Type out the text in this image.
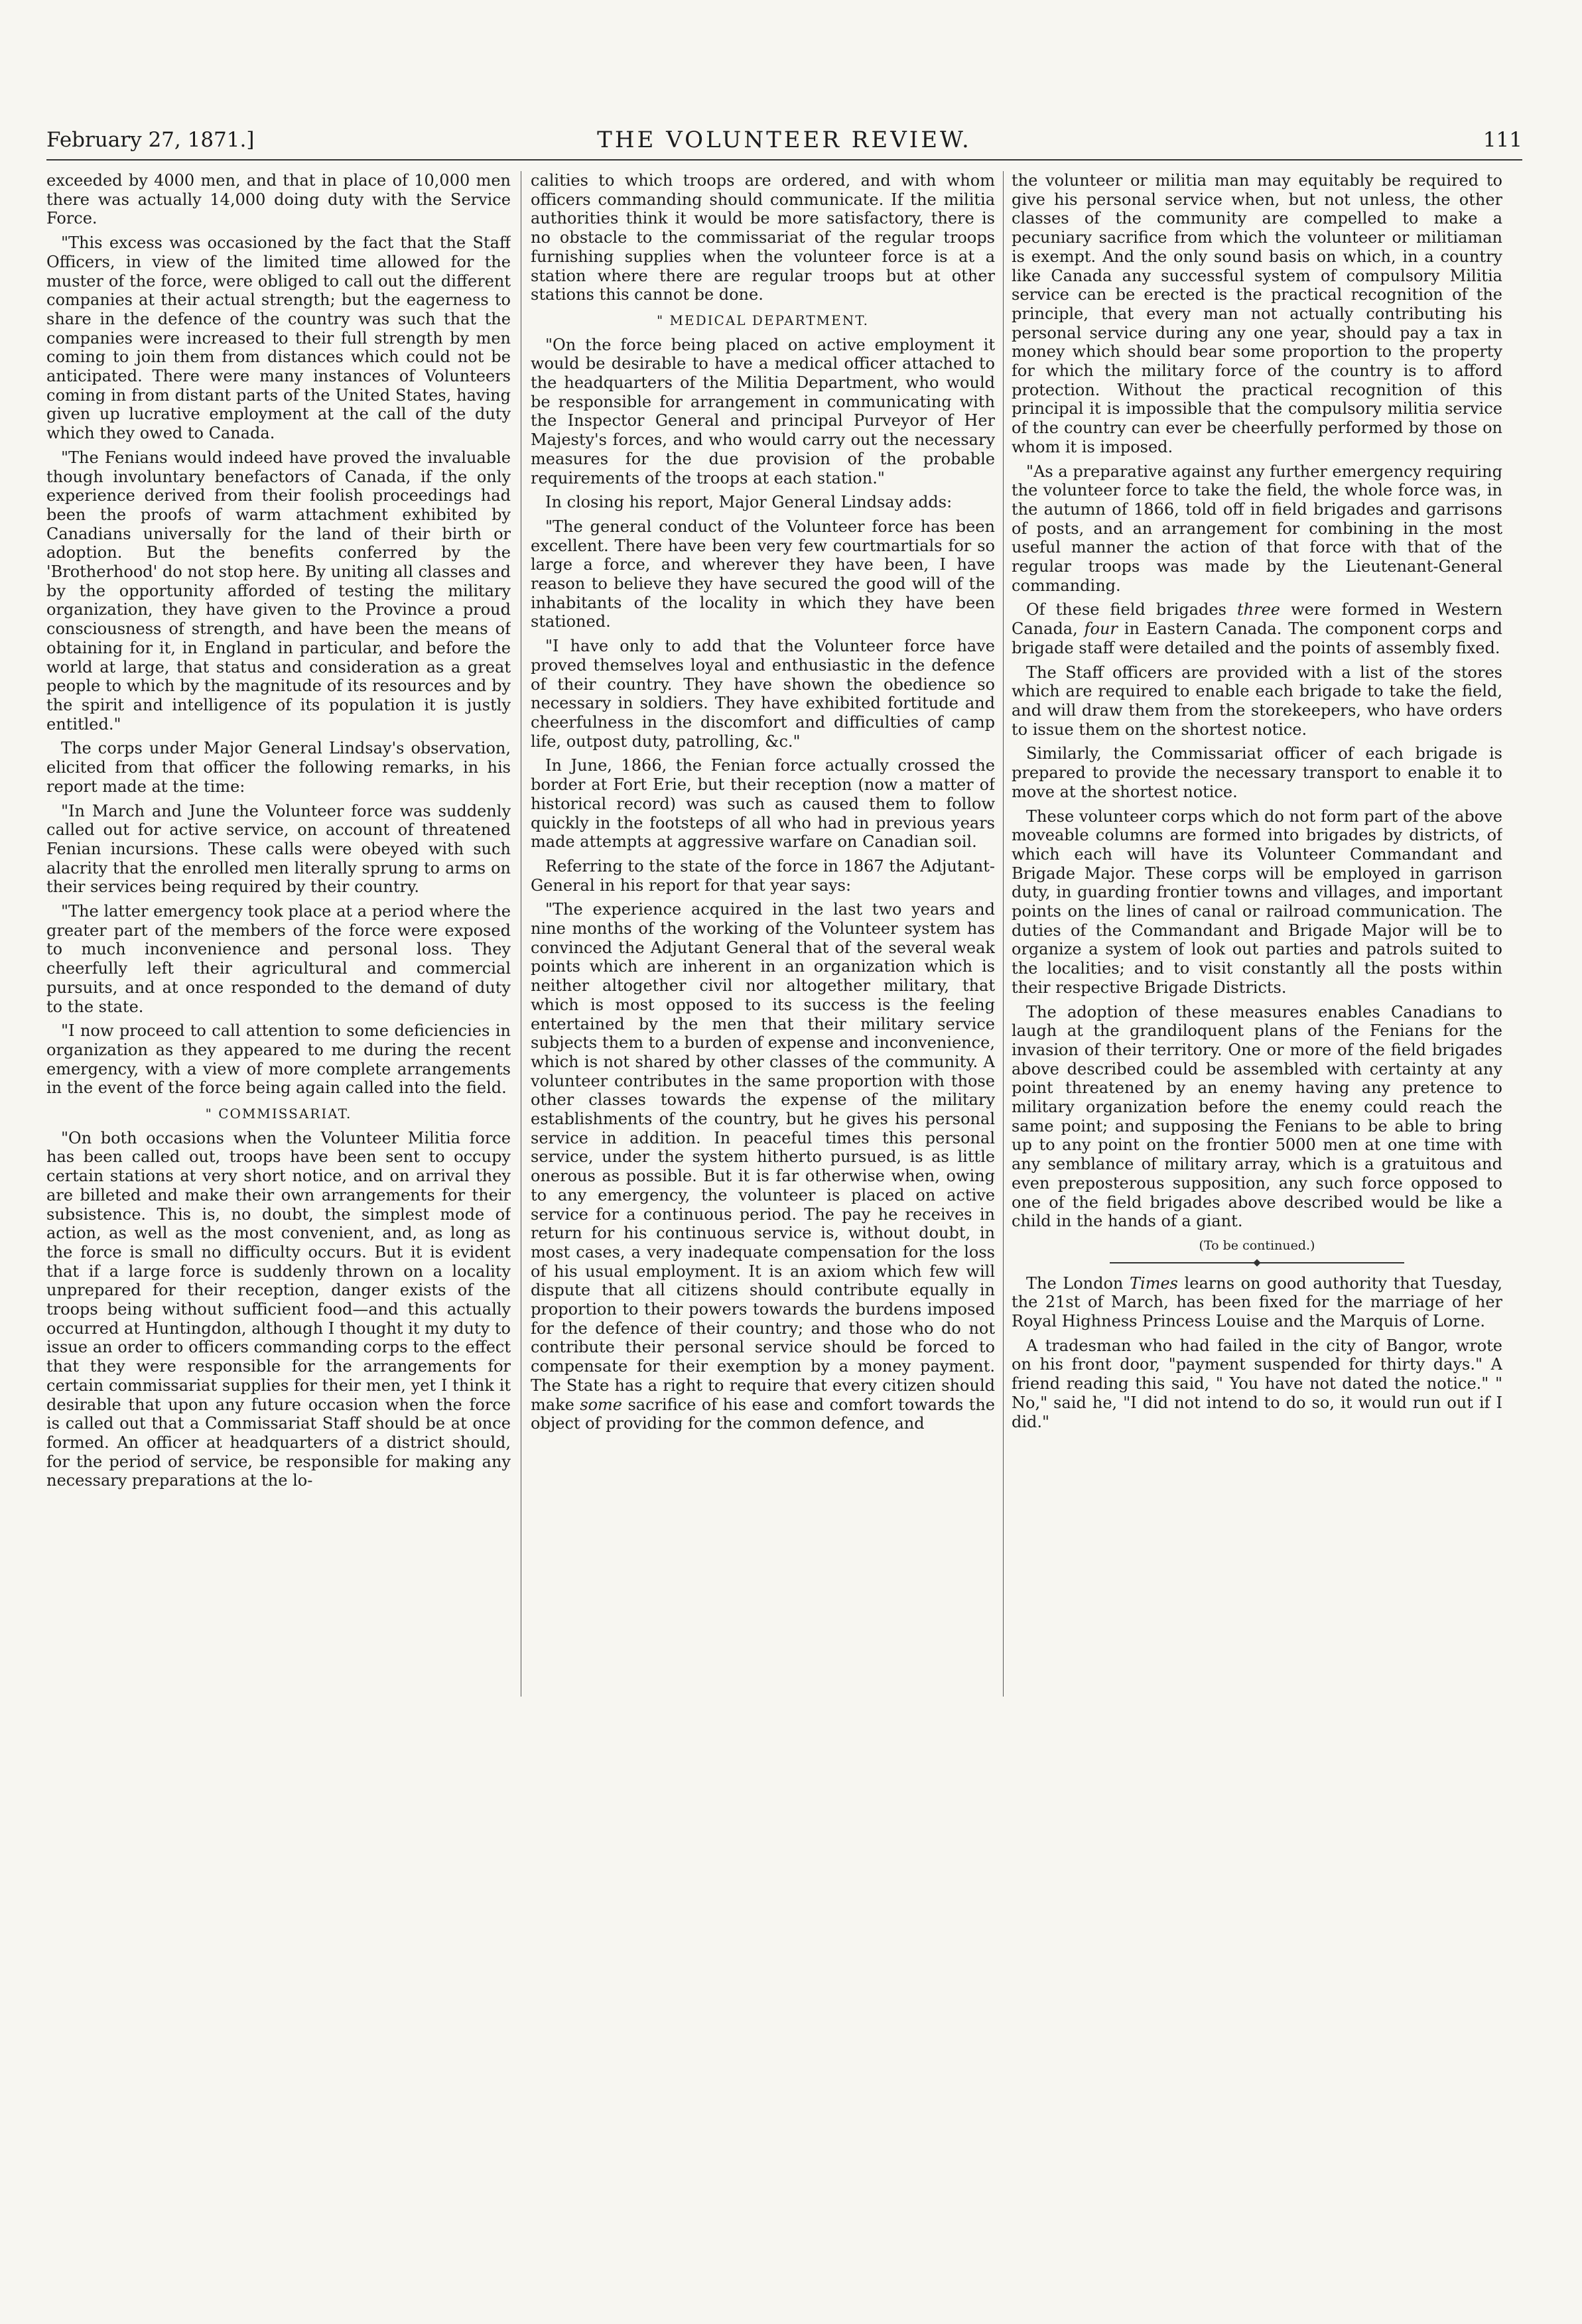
February 27, 1871.]	THE VOLUNTEER REVIEW.	111

exceeded by 4000 men, and that in place of 10,000 men there was actually 14,000 doing duty with the Service Force.

"This excess was occasioned by the fact that the Staff Officers, in view of the limited time allowed for the muster of the force, were obliged to call out the different companies at their actual strength; but the eagerness to share in the defence of the country was such that the companies were increased to their full strength by men coming to join them from distances which could not be anticipated. There were many instances of Volunteers coming in from distant parts of the United States, having given up lucrative employment at the call of the duty which they owed to Canada.

"The Fenians would indeed have proved the invaluable though involuntary benefactors of Canada, if the only experience derived from their foolish proceedings had been the proofs of warm attachment exhibited by Canadians universally for the land of their birth or adoption. But the benefits conferred by the 'Brotherhood' do not stop here. By uniting all classes and by the opportunity afforded of testing the military organization, they have given to the Province a proud consciousness of strength, and have been the means of obtaining for it, in England in particular, and before the world at large, that status and consideration as a great people to which by the magnitude of its resources and by the spirit and intelligence of its population it is justly entitled."

The corps under Major General Lindsay's observation, elicited from that officer the following remarks, in his report made at the time:

"In March and June the Volunteer force was suddenly called out for active service, on account of threatened Fenian incursions. These calls were obeyed with such alacrity that the enrolled men literally sprung to arms on their services being required by their country.

"The latter emergency took place at a period where the greater part of the members of the force were exposed to much inconvenience and personal loss. They cheerfully left their agricultural and commercial pursuits, and at once responded to the demand of duty to the state.

"I now proceed to call attention to some deficiencies in organization as they appeared to me during the recent emergency, with a view of more complete arrangements in the event of the force being again called into the field.

" COMMISSARIAT.

"On both occasions when the Volunteer Militia force has been called out, troops have been sent to occupy certain stations at very short notice, and on arrival they are billeted and make their own arrangements for their subsistence. This is, no doubt, the simplest mode of action, as well as the most convenient, and, as long as the force is small no difficulty occurs. But it is evident that if a large force is suddenly thrown on a locality unprepared for their reception, danger exists of the troops being without sufficient food—and this actually occurred at Huntingdon, although I thought it my duty to issue an order to officers commanding corps to the effect that they were responsible for the arrangements for certain commissariat supplies for their men, yet I think it desirable that upon any future occasion when the force is called out that a Commissariat Staff should be at once formed. An officer at headquarters of a district should, for the period of service, be responsible for making any necessary preparations at the lo-

calities to which troops are ordered, and with whom officers commanding should communicate. If the militia authorities think it would be more satisfactory, there is no obstacle to the commissariat of the regular troops furnishing supplies when the volunteer force is at a station where there are regular troops but at other stations this cannot be done.

" MEDICAL DEPARTMENT.

"On the force being placed on active employment it would be desirable to have a medical officer attached to the headquarters of the Militia Department, who would be responsible for arrangement in communicating with the Inspector General and principal Purveyor of Her Majesty's forces, and who would carry out the necessary measures for the due provision of the probable requirements of the troops at each station."

In closing his report, Major General Lindsay adds:

"The general conduct of the Volunteer force has been excellent. There have been very few courtmartials for so large a force, and wherever they have been, I have reason to believe they have secured the good will of the inhabitants of the locality in which they have been stationed.

"I have only to add that the Volunteer force have proved themselves loyal and enthusiastic in the defence of their country. They have shown the obedience so necessary in soldiers. They have exhibited fortitude and cheerfulness in the discomfort and difficulties of camp life, outpost duty, patrolling, &c."

In June, 1866, the Fenian force actually crossed the border at Fort Erie, but their reception (now a matter of historical record) was such as caused them to follow quickly in the footsteps of all who had in previous years made attempts at aggressive warfare on Canadian soil.

Referring to the state of the force in 1867 the Adjutant-General in his report for that year says:

"The experience acquired in the last two years and nine months of the working of the Volunteer system has convinced the Adjutant General that of the several weak points which are inherent in an organization which is neither altogether civil nor altogether military, that which is most opposed to its success is the feeling entertained by the men that their military service subjects them to a burden of expense and inconvenience, which is not shared by other classes of the community. A volunteer contributes in the same proportion with those other classes towards the expense of the military establishments of the country, but he gives his personal service in addition. In peaceful times this personal service, under the system hitherto pursued, is as little onerous as possible. But it is far otherwise when, owing to any emergency, the volunteer is placed on active service for a continuous period. The pay he receives in return for his continuous service is, without doubt, in most cases, a very inadequate compensation for the loss of his usual employment. It is an axiom which few will dispute that all citizens should contribute equally in proportion to their powers towards the burdens imposed for the defence of their country; and those who do not contribute their personal service should be forced to compensate for their exemption by a money payment. The State has a right to require that every citizen should make some sacrifice of his ease and comfort towards the object of providing for the common defence, and

the volunteer or militia man may equitably be required to give his personal service when, but not unless, the other classes of the community are compelled to make a pecuniary sacrifice from which the volunteer or militiaman is exempt. And the only sound basis on which, in a country like Canada any successful system of compulsory Militia service can be erected is the practical recognition of the principle, that every man not actually contributing his personal service during any one year, should pay a tax in money which should bear some proportion to the property for which the military force of the country is to afford protection. Without the practical recognition of this principal it is impossible that the compulsory militia service of the country can ever be cheerfully performed by those on whom it is imposed.

"As a preparative against any further emergency requiring the volunteer force to take the field, the whole force was, in the autumn of 1866, told off in field brigades and garrisons of posts, and an arrangement for combining in the most useful manner the action of that force with that of the regular troops was made by the Lieutenant-General commanding.

Of these field brigades three were formed in Western Canada, four in Eastern Canada. The component corps and brigade staff were detailed and the points of assembly fixed.

The Staff officers are provided with a list of the stores which are required to enable each brigade to take the field, and will draw them from the storekeepers, who have orders to issue them on the shortest notice.

Similarly, the Commissariat officer of each brigade is prepared to provide the necessary transport to enable it to move at the shortest notice.

These volunteer corps which do not form part of the above moveable columns are formed into brigades by districts, of which each will have its Volunteer Commandant and Brigade Major. These corps will be employed in garrison duty, in guarding frontier towns and villages, and important points on the lines of canal or railroad communication. The duties of the Commandant and Brigade Major will be to organize a system of look out parties and patrols suited to the localities; and to visit constantly all the posts within their respective Brigade Districts.

The adoption of these measures enables Canadians to laugh at the grandiloquent plans of the Fenians for the invasion of their territory. One or more of the field brigades above described could be assembled with certainty at any point threatened by an enemy having any pretence to military organization before the enemy could reach the same point; and supposing the Fenians to be able to bring up to any point on the frontier 5000 men at one time with any semblance of military array, which is a gratuitous and even preposterous supposition, any such force opposed to one of the field brigades above described would be like a child in the hands of a giant.

(To be continued.)

The London Times learns on good authority that Tuesday, the 21st of March, has been fixed for the marriage of her Royal Highness Princess Louise and the Marquis of Lorne.

A tradesman who had failed in the city of Bangor, wrote on his front door, "payment suspended for thirty days." A friend reading this said, " You have not dated the notice." " No," said he, "I did not intend to do so, it would run out if I did."
